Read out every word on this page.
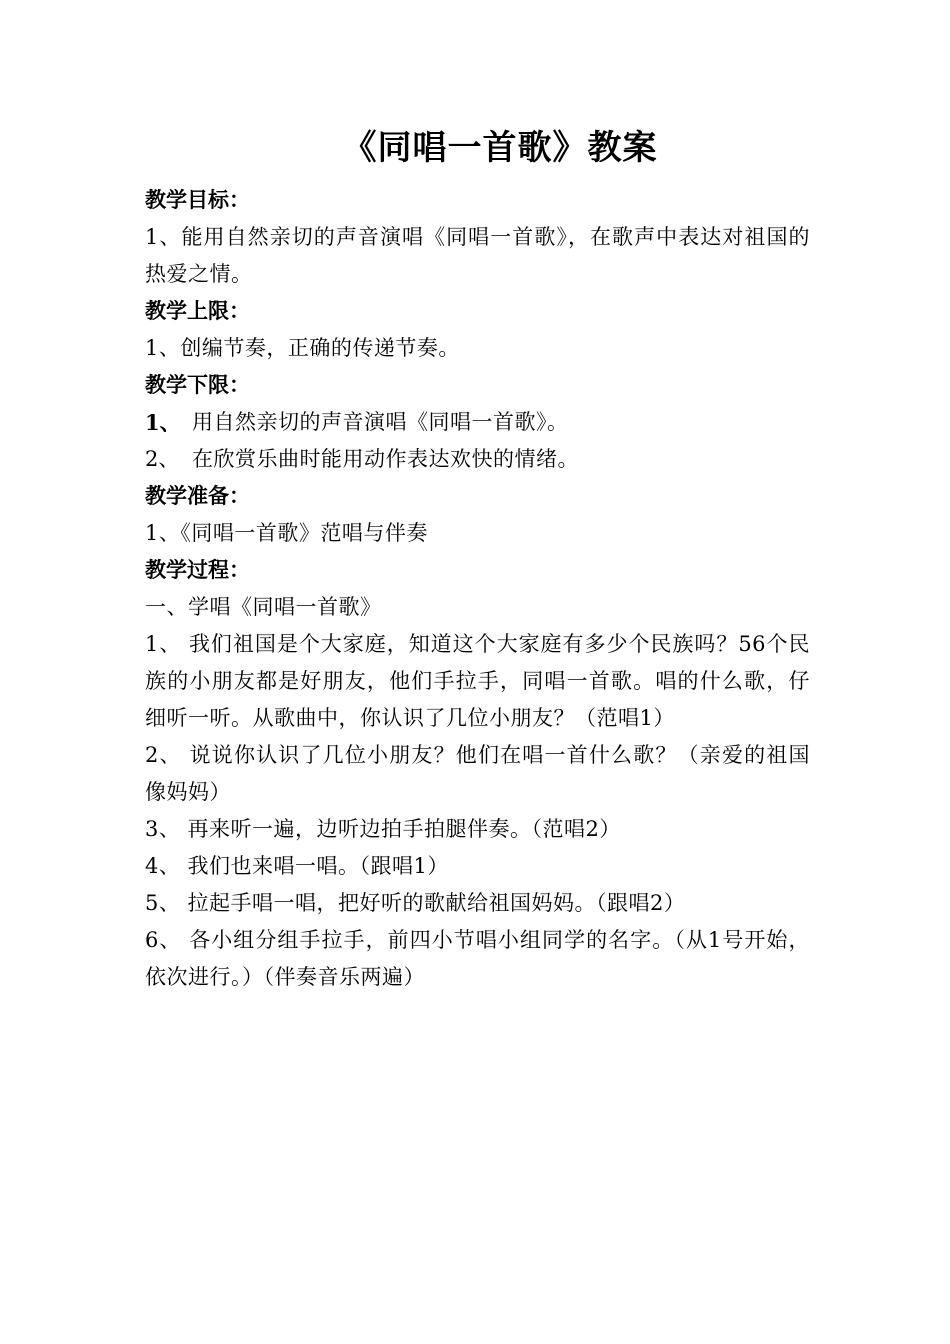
《同唱一首歌》教案

教学目标：

1、能用自然亲切的声音演唱《同唱一首歌》，在歌声中表达对祖国的热爱之情。

教学上限：

1、创编节奏，正确的传递节奏。

教学下限：

1、 用自然亲切的声音演唱《同唱一首歌》。
2、 在欣赏乐曲时能用动作表达欢快的情绪。

教学准备：

1、《同唱一首歌》范唱与伴奏

教学过程：

一、学唱《同唱一首歌》

1、 我们祖国是个大家庭，知道这个大家庭有多少个民族吗？56个民族的小朋友都是好朋友，他们手拉手，同唱一首歌。唱的什么歌，仔细听一听。从歌曲中，你认识了几位小朋友？（范唱1）

2、 说说你认识了几位小朋友？他们在唱一首什么歌？（亲爱的祖国像妈妈）

3、 再来听一遍，边听边拍手拍腿伴奏。（范唱2）

4、 我们也来唱一唱。（跟唱1）

5、 拉起手唱一唱，把好听的歌献给祖国妈妈。（跟唱2）

6、 各小组分组手拉手，前四小节唱小组同学的名字。（从1号开始，依次进行。）（伴奏音乐两遍）
